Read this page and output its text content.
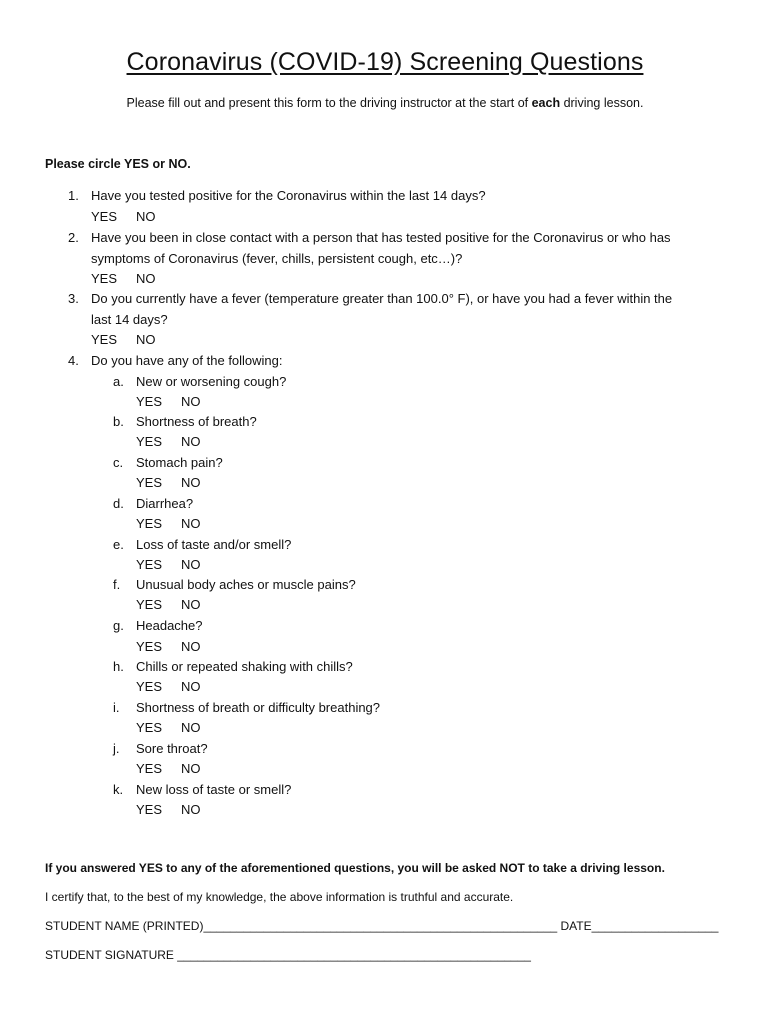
Coronavirus (COVID-19) Screening Questions
Please fill out and present this form to the driving instructor at the start of each driving lesson.
Please circle YES or NO.
1. Have you tested positive for the Coronavirus within the last 14 days?
YES NO
2. Have you been in close contact with a person that has tested positive for the Coronavirus or who has
symptoms of Coronavirus (fever, chills, persistent cough, etc…)?
YES NO
3. Do you currently have a fever (temperature greater than 100.0° F), or have you had a fever within the
last 14 days?
YES NO
4. Do you have any of the following:
a. New or worsening cough?
YES NO
b. Shortness of breath?
YES NO
c. Stomach pain?
YES NO
d. Diarrhea?
YES NO
e. Loss of taste and/or smell?
YES NO
f.	Unusual body aches or muscle pains?
YES NO
g. Headache?
YES NO
h. Chills or repeated shaking with chills?
YES NO
i.	Shortness of breath or difficulty breathing?
YES NO
j.	Sore throat?
YES NO
k. New loss of taste or smell?
YES NO
If you answered YES to any of the aforementioned questions, you will be asked NOT to take a driving lesson.
I certify that, to the best of my knowledge, the above information is truthful and accurate.
STUDENT NAME (PRINTED)_____________________________________________________ DATE___________________
STUDENT SIGNATURE _____________________________________________________
